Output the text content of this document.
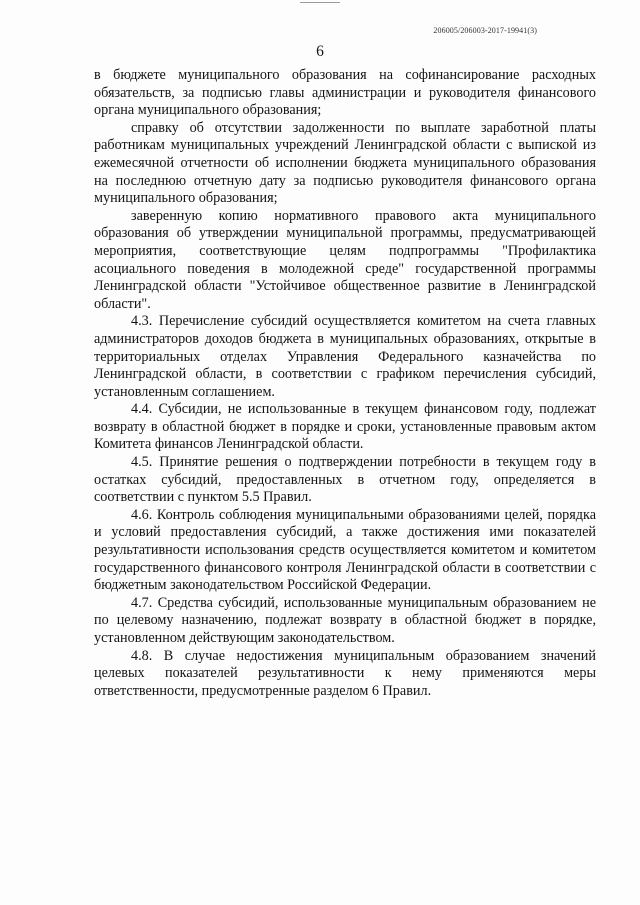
206005/206003-2017-19941(3)
6

в бюджете муниципального образования на софинансирование расходных обязательств, за подписью главы администрации и руководителя финансового органа муниципального образования;

справку об отсутствии задолженности по выплате заработной платы работникам муниципальных учреждений Ленинградской области с выпиской из ежемесячной отчетности об исполнении бюджета муниципального образования на последнюю отчетную дату за подписью руководителя финансового органа муниципального образования;

заверенную копию нормативного правового акта муниципального образования об утверждении муниципальной программы, предусматривающей мероприятия, соответствующие целям подпрограммы "Профилактика асоциального поведения в молодежной среде" государственной программы Ленинградской области "Устойчивое общественное развитие в Ленинградской области".

4.3. Перечисление субсидий осуществляется комитетом на счета главных администраторов доходов бюджета в муниципальных образованиях, открытые в территориальных отделах Управления Федерального казначейства по Ленинградской области, в соответствии с графиком перечисления субсидий, установленным соглашением.

4.4. Субсидии, не использованные в текущем финансовом году, подлежат возврату в областной бюджет в порядке и сроки, установленные правовым актом Комитета финансов Ленинградской области.

4.5. Принятие решения о подтверждении потребности в текущем году в остатках субсидий, предоставленных в отчетном году, определяется в соответствии с пунктом 5.5 Правил.

4.6. Контроль соблюдения муниципальными образованиями целей, порядка и условий предоставления субсидий, а также достижения ими показателей результативности использования средств осуществляется комитетом и комитетом государственного финансового контроля Ленинградской области в соответствии с бюджетным законодательством Российской Федерации.

4.7. Средства субсидий, использованные муниципальным образованием не по целевому назначению, подлежат возврату в областной бюджет в порядке, установленном действующим законодательством.

4.8. В случае недостижения муниципальным образованием значений целевых показателей результативности к нему применяются меры ответственности, предусмотренные разделом 6 Правил.
